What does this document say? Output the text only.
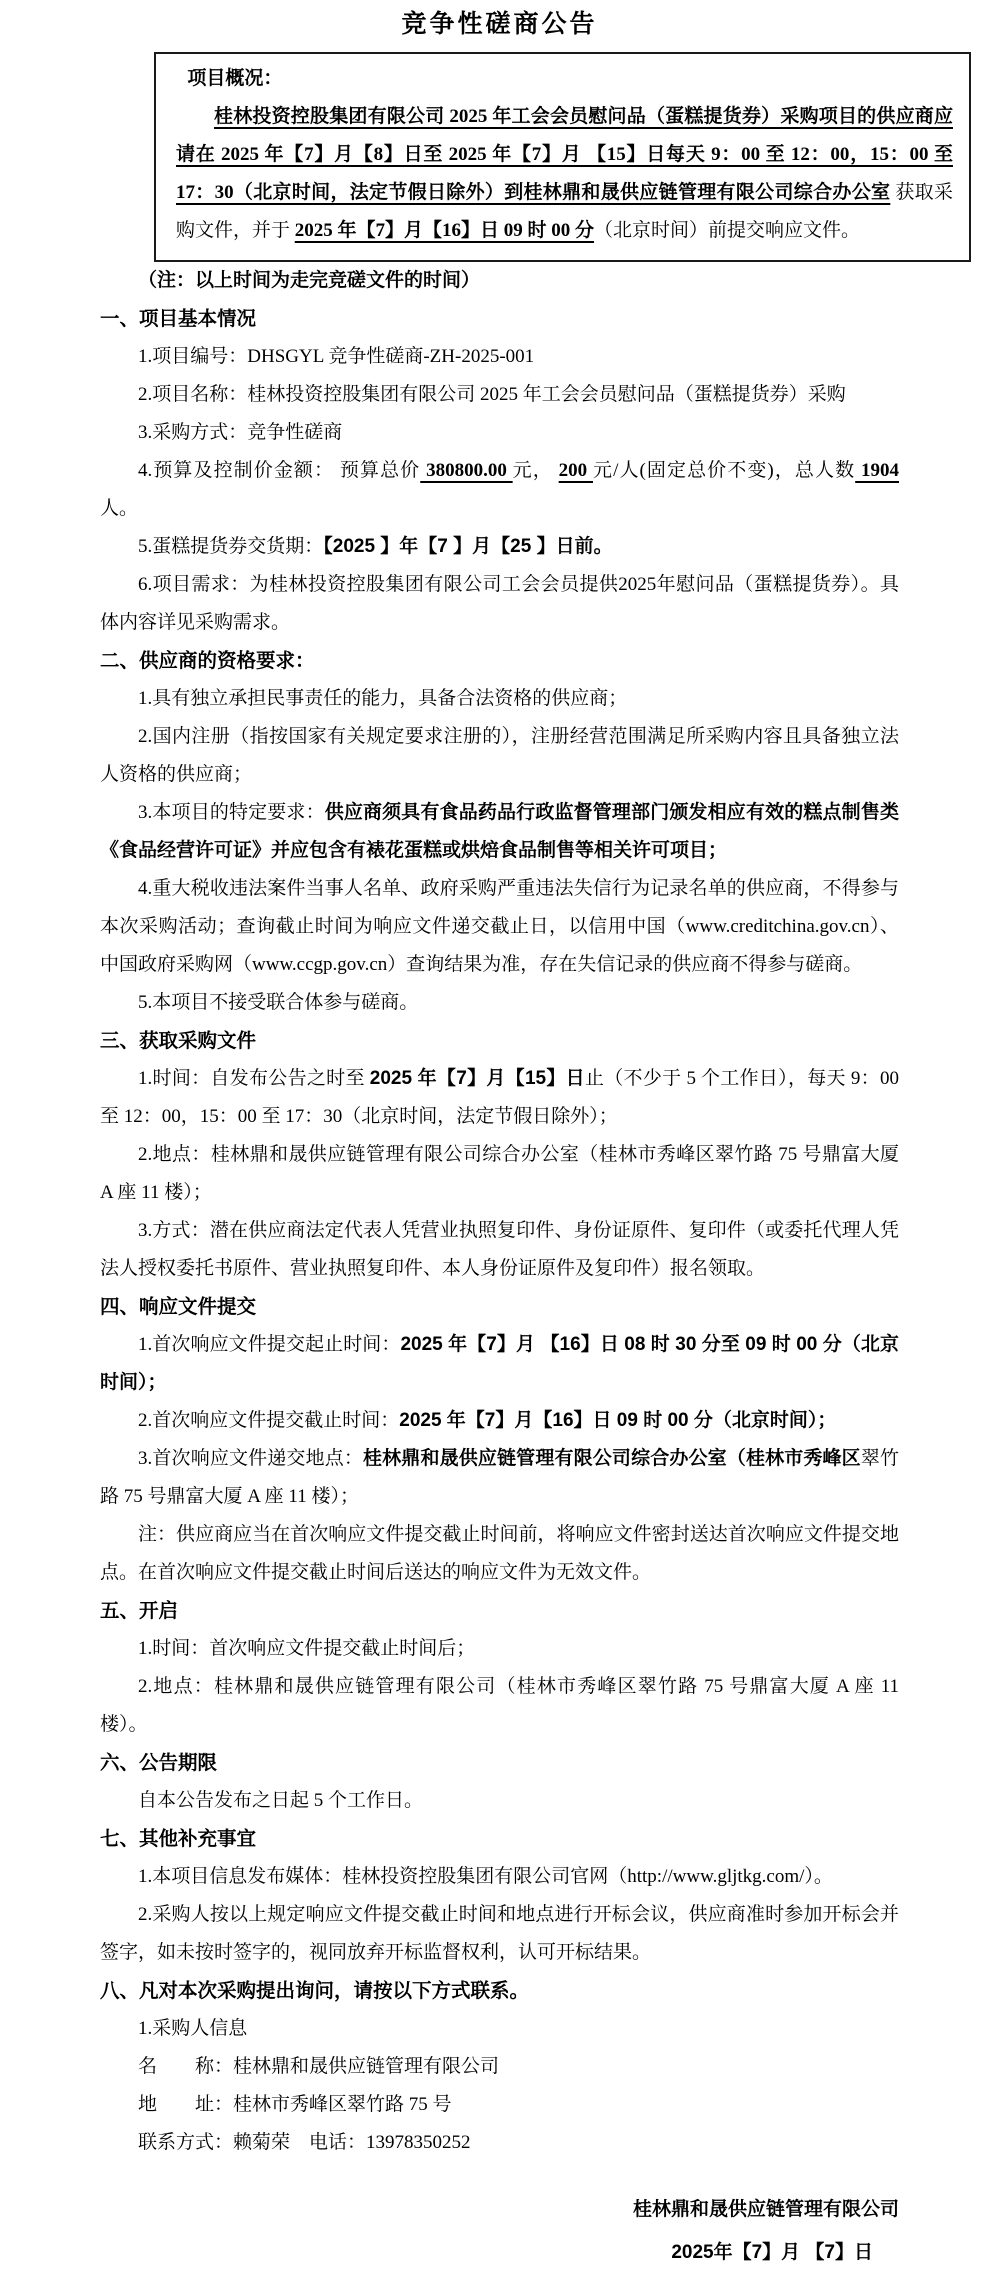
竞争性磋商公告

项目概况：

桂林投资控股集团有限公司 2025 年工会会员慰问品（蛋糕提货券）采购项目的供应商应请在 2025 年【7】月【8】日至 2025 年【7】月 【15】日每天 9：00 至 12：00，15：00 至 17：30（北京时间，法定节假日除外）到桂林鼎和晟供应链管理有限公司综合办公室 获取采购文件，并于 2025 年【7】月【16】日 09 时 00 分（北京时间）前提交响应文件。

（注：以上时间为走完竞磋文件的时间）

一、项目基本情况

1.项目编号：DHSGYL 竞争性磋商-ZH-2025-001

2.项目名称：桂林投资控股集团有限公司 2025 年工会会员慰问品（蛋糕提货券）采购

3.采购方式：竞争性磋商

4.预算及控制价金额： 预算总价 380800.00 元， 200 元/人(固定总价不变)，总人数 1904 人。

5.蛋糕提货券交货期：【2025 】年【7 】月【25 】日前。

6.项目需求：为桂林投资控股集团有限公司工会会员提供2025年慰问品（蛋糕提货券）。具体内容详见采购需求。

二、供应商的资格要求：

1.具有独立承担民事责任的能力，具备合法资格的供应商；

2.国内注册（指按国家有关规定要求注册的），注册经营范围满足所采购内容且具备独立法人资格的供应商；

3.本项目的特定要求：供应商须具有食品药品行政监督管理部门颁发相应有效的糕点制售类《食品经营许可证》并应包含有裱花蛋糕或烘焙食品制售等相关许可项目；

4.重大税收违法案件当事人名单、政府采购严重违法失信行为记录名单的供应商，不得参与本次采购活动；查询截止时间为响应文件递交截止日，以信用中国（www.creditchina.gov.cn）、中国政府采购网（www.ccgp.gov.cn）查询结果为准，存在失信记录的供应商不得参与磋商。

5.本项目不接受联合体参与磋商。

三、获取采购文件

1.时间：自发布公告之时至 2025 年【7】月【15】日止（不少于 5 个工作日），每天 9：00 至 12：00，15：00 至 17：30（北京时间，法定节假日除外）；

2.地点：桂林鼎和晟供应链管理有限公司综合办公室（桂林市秀峰区翠竹路 75 号鼎富大厦 A 座 11 楼）；

3.方式：潜在供应商法定代表人凭营业执照复印件、身份证原件、复印件（或委托代理人凭法人授权委托书原件、营业执照复印件、本人身份证原件及复印件）报名领取。

四、响应文件提交

1.首次响应文件提交起止时间：2025 年【7】月 【16】日 08 时 30 分至 09 时 00 分（北京时间）；

2.首次响应文件提交截止时间：2025 年【7】月【16】日 09 时 00 分（北京时间）；

3.首次响应文件递交地点：桂林鼎和晟供应链管理有限公司综合办公室（桂林市秀峰区翠竹路 75 号鼎富大厦 A 座 11 楼）；

注：供应商应当在首次响应文件提交截止时间前，将响应文件密封送达首次响应文件提交地点。在首次响应文件提交截止时间后送达的响应文件为无效文件。

五、开启

1.时间：首次响应文件提交截止时间后；

2.地点：桂林鼎和晟供应链管理有限公司（桂林市秀峰区翠竹路 75 号鼎富大厦 A 座 11 楼）。

六、公告期限

自本公告发布之日起 5 个工作日。

七、其他补充事宜

1.本项目信息发布媒体：桂林投资控股集团有限公司官网（http://www.gljtkg.com/）。

2.采购人按以上规定响应文件提交截止时间和地点进行开标会议，供应商准时参加开标会并签字，如未按时签字的，视同放弃开标监督权利，认可开标结果。

八、凡对本次采购提出询问，请按以下方式联系。

1.采购人信息

名　　称：桂林鼎和晟供应链管理有限公司

地　　址：桂林市秀峰区翠竹路 75 号

联系方式：赖菊荣　电话：13978350252

桂林鼎和晟供应链管理有限公司
2025年【7】月 【7】日
